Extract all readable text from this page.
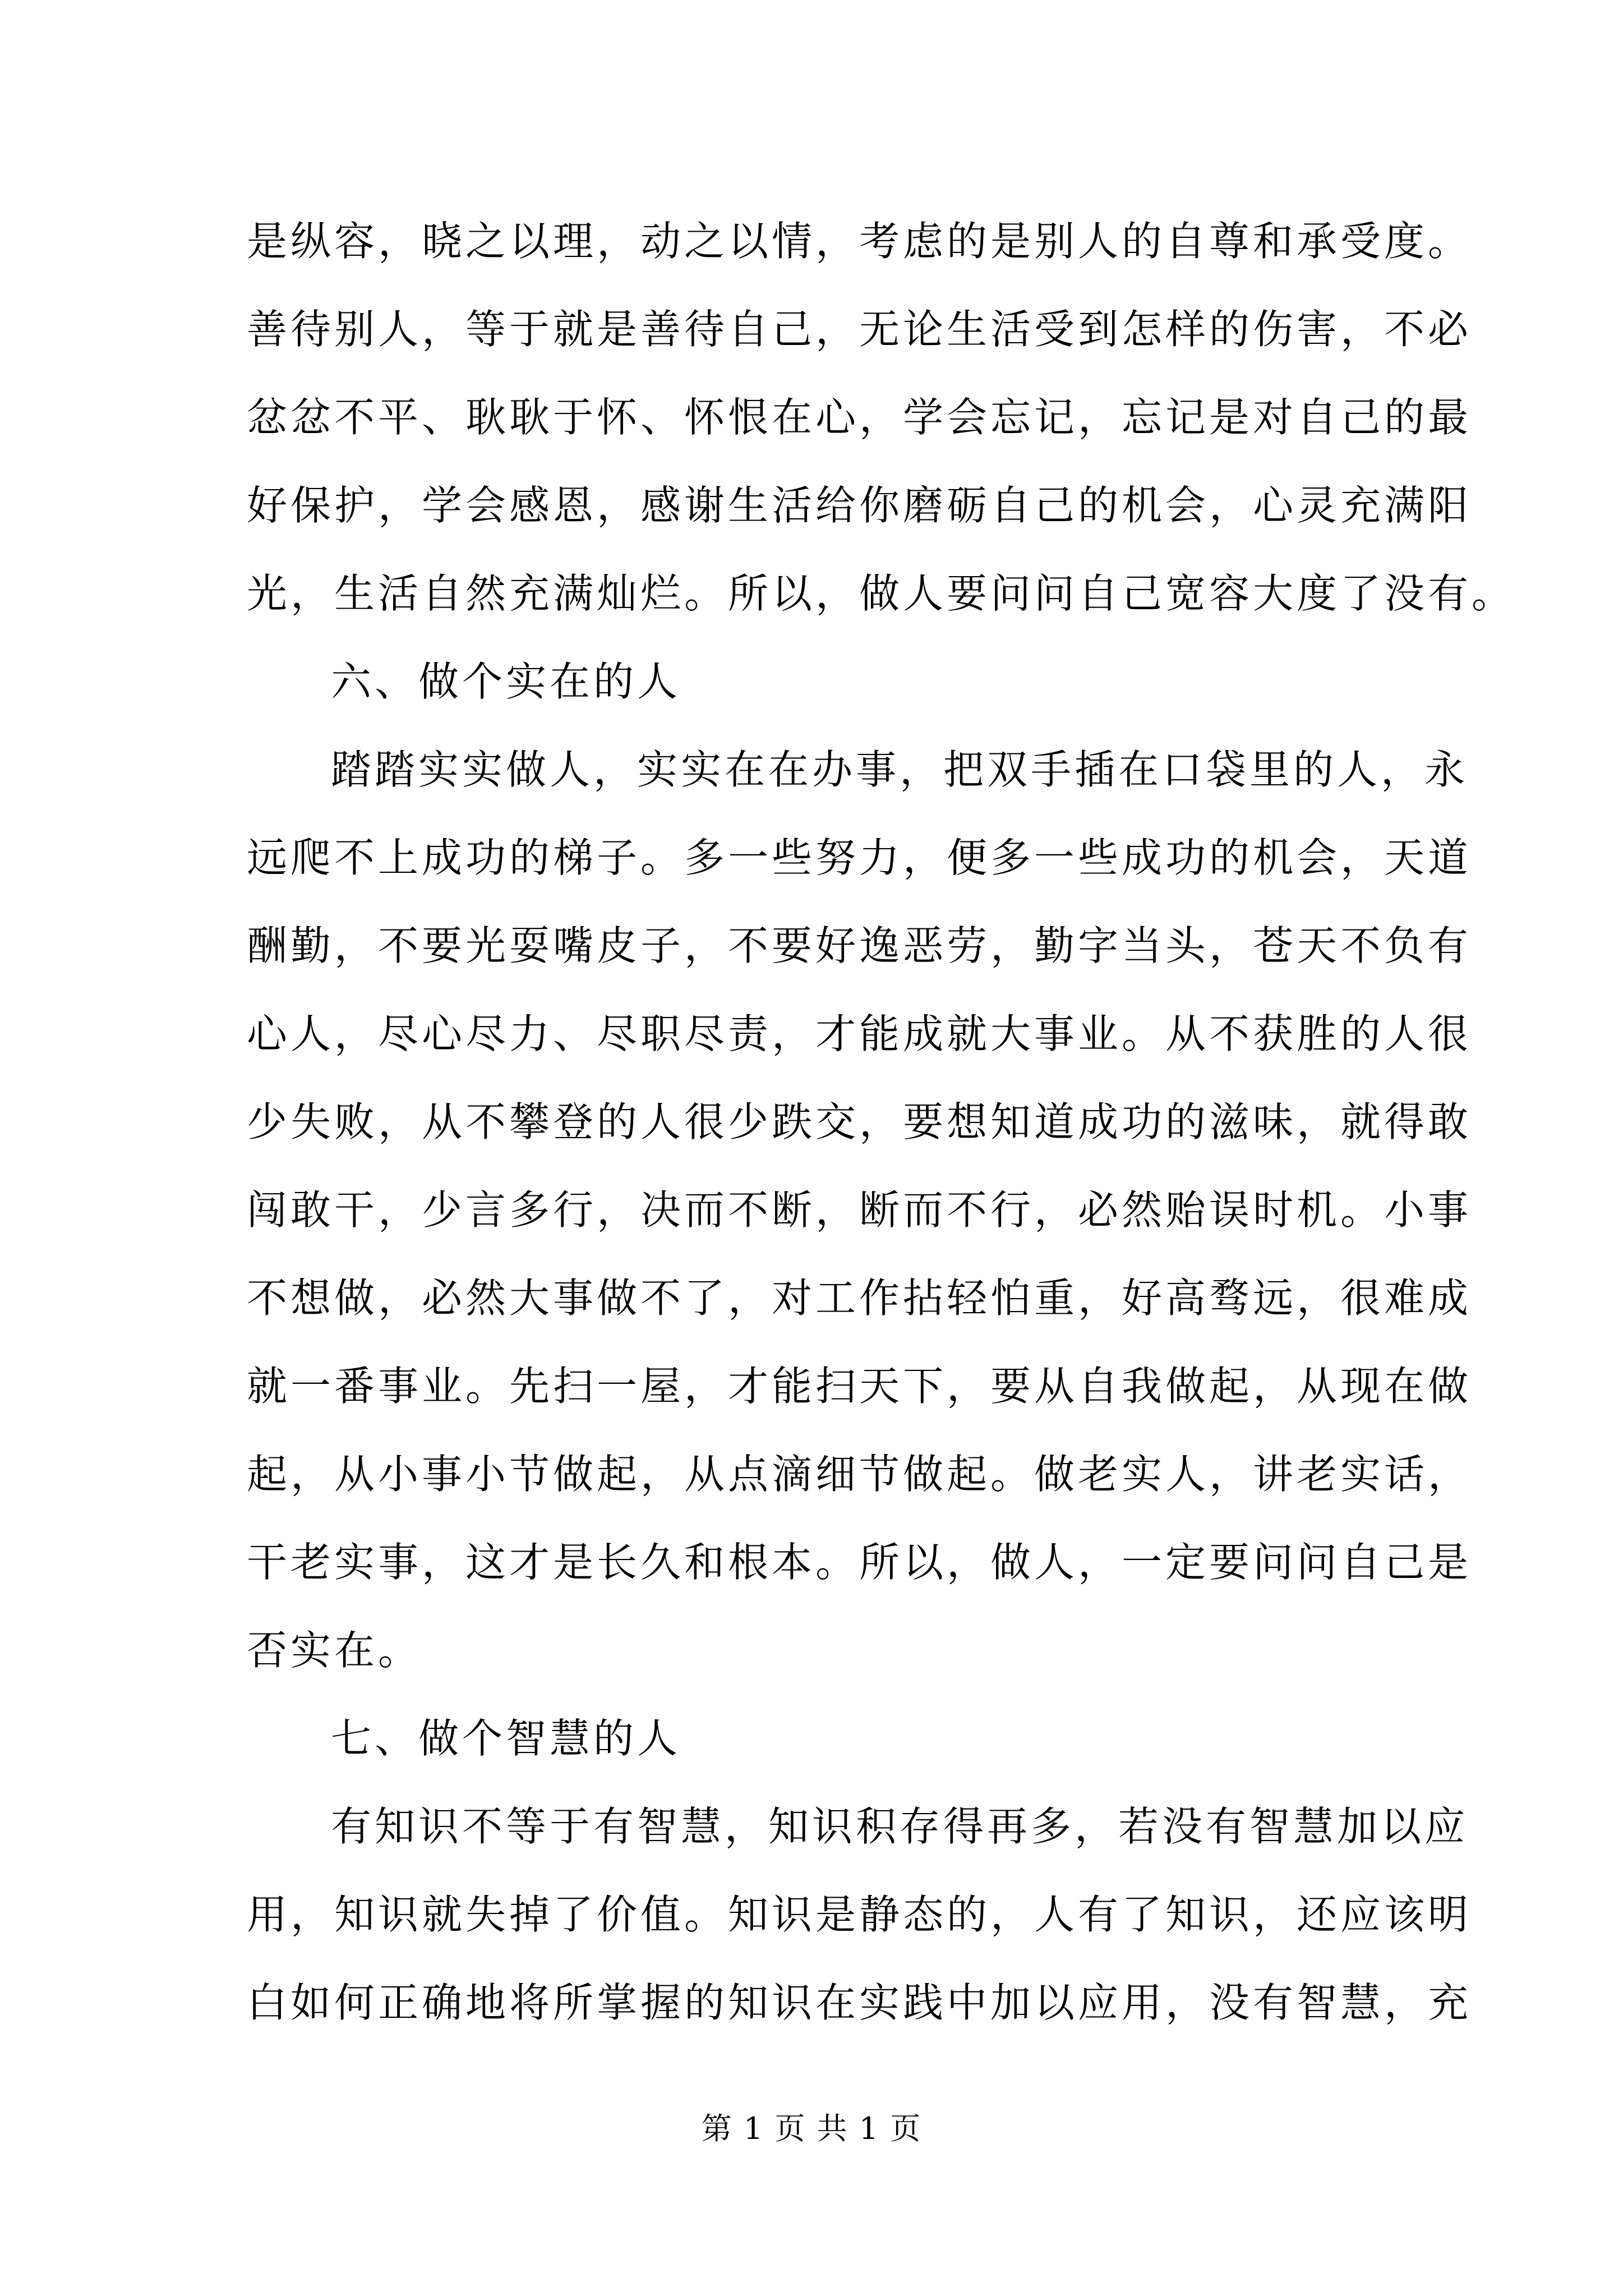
是纵容，晓之以理，动之以情，考虑的是别人的自尊和承受度。
善待别人，等于就是善待自己，无论生活受到怎样的伤害，不必
忿忿不平、耿耿于怀、怀恨在心，学会忘记，忘记是对自己的最
好保护，学会感恩，感谢生活给你磨砺自己的机会，心灵充满阳
光，生活自然充满灿烂。所以，做人要问问自己宽容大度了没有。
六、做个实在的人
踏踏实实做人，实实在在办事，把双手插在口袋里的人，永
远爬不上成功的梯子。多一些努力，便多一些成功的机会，天道
酬勤，不要光耍嘴皮子，不要好逸恶劳，勤字当头，苍天不负有
心人，尽心尽力、尽职尽责，才能成就大事业。从不获胜的人很
少失败，从不攀登的人很少跌交，要想知道成功的滋味，就得敢
闯敢干，少言多行，决而不断，断而不行，必然贻误时机。小事
不想做，必然大事做不了，对工作拈轻怕重，好高骛远，很难成
就一番事业。先扫一屋，才能扫天下，要从自我做起，从现在做
起，从小事小节做起，从点滴细节做起。做老实人，讲老实话，
干老实事，这才是长久和根本。所以，做人，一定要问问自己是
否实在。
七、做个智慧的人
有知识不等于有智慧，知识积存得再多，若没有智慧加以应
用，知识就失掉了价值。知识是静态的，人有了知识，还应该明
白如何正确地将所掌握的知识在实践中加以应用，没有智慧，充
第 1 页 共 1 页
